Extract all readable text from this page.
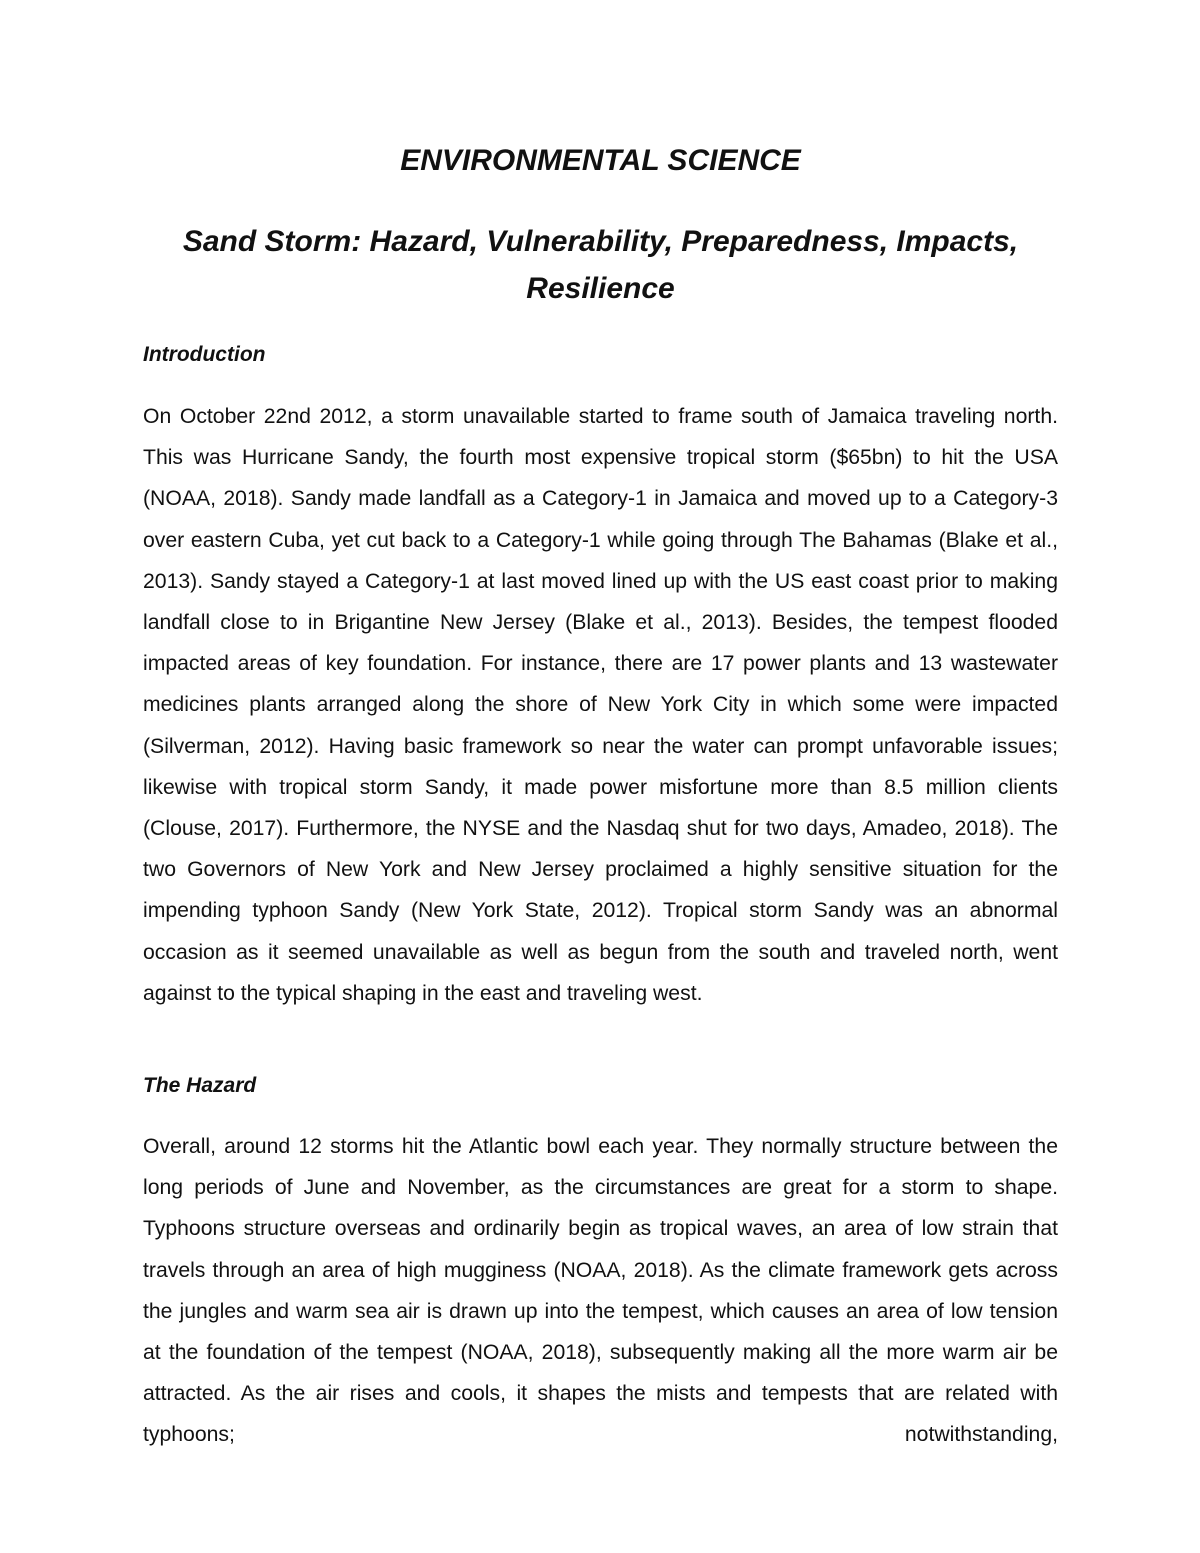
ENVIRONMENTAL SCIENCE
Sand Storm: Hazard, Vulnerability, Preparedness, Impacts,
Resilience
Introduction

On October 22nd 2012, a storm unavailable started to frame south of Jamaica traveling north. This was Hurricane Sandy, the fourth most expensive tropical storm ($65bn) to hit the USA (NOAA, 2018). Sandy made landfall as a Category-1 in Jamaica and moved up to a Category-3 over eastern Cuba, yet cut back to a Category-1 while going through The Bahamas (Blake et al., 2013). Sandy stayed a Category-1 at last moved lined up with the US east coast prior to making landfall close to in Brigantine New Jersey (Blake et al., 2013). Besides, the tempest flooded impacted areas of key foundation. For instance, there are 17 power plants and 13 wastewater medicines plants arranged along the shore of New York City in which some were impacted (Silverman, 2012). Having basic framework so near the water can prompt unfavorable issues; likewise with tropical storm Sandy, it made power misfortune more than 8.5 million clients (Clouse, 2017). Furthermore, the NYSE and the Nasdaq shut for two days, Amadeo, 2018). The two Governors of New York and New Jersey proclaimed a highly sensitive situation for the impending typhoon Sandy (New York State, 2012). Tropical storm Sandy was an abnormal occasion as it seemed unavailable as well as begun from the south and traveled north, went against to the typical shaping in the east and traveling west.

The Hazard

Overall, around 12 storms hit the Atlantic bowl each year. They normally structure between the long periods of June and November, as the circumstances are great for a storm to shape. Typhoons structure overseas and ordinarily begin as tropical waves, an area of low strain that travels through an area of high mugginess (NOAA, 2018). As the climate framework gets across the jungles and warm sea air is drawn up into the tempest, which causes an area of low tension at the foundation of the tempest (NOAA, 2018), subsequently making all the more warm air be attracted. As the air rises and cools, it shapes the mists and tempests that are related with typhoons; notwithstanding,
